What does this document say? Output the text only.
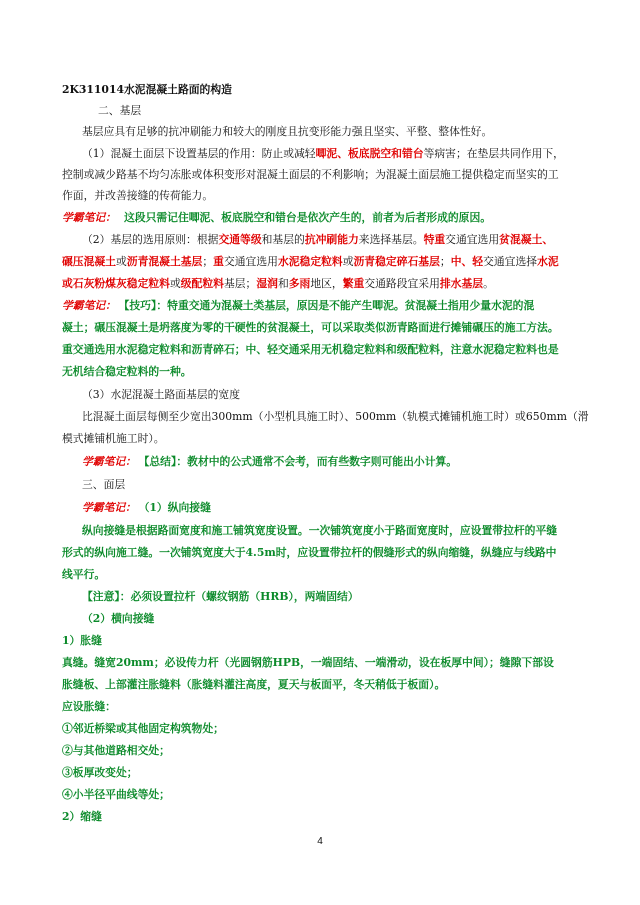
2K311014水泥混凝土路面的构造
二、基层
基层应具有足够的抗冲刷能力和较大的刚度且抗变形能力强且坚实、平整、整体性好。
（1）混凝土面层下设置基层的作用：防止或减轻唧泥、板底脱空和错台等病害；在垫层共同作用下，
控制或减少路基不均匀冻胀或体积变形对混凝土面层的不利影响；为混凝土面层施工提供稳定而坚实的工
作面，并改善接缝的传荷能力。
学霸笔记： 这段只需记住唧泥、板底脱空和错台是依次产生的，前者为后者形成的原因。
（2）基层的选用原则：根据交通等级和基层的抗冲刷能力来选择基层。特重交通宜选用贫混凝土、
碾压混凝土或沥青混凝土基层；重交通宜选用水泥稳定粒料或沥青稳定碎石基层；中、轻交通宜选择水泥
或石灰粉煤灰稳定粒料或级配粒料基层；湿润和多雨地区，繁重交通路段宜采用排水基层。
学霸笔记： 【技巧】：特重交通为混凝土类基层，原因是不能产生唧泥。贫混凝土指用少量水泥的混
凝土；碾压混凝土是坍落度为零的干硬性的贫混凝土，可以采取类似沥青路面进行摊铺碾压的施工方法。
重交通选用水泥稳定粒料和沥青碎石；中、轻交通采用无机稳定粒料和级配粒料，注意水泥稳定粒料也是
无机结合稳定粒料的一种。
（3）水泥混凝土路面基层的宽度
比混凝土面层每侧至少宽出300mm（小型机具施工时）、500mm（轨模式摊铺机施工时）或650mm（滑
模式摊铺机施工时）。
学霸笔记： 【总结】：教材中的公式通常不会考，而有些数字则可能出小计算。
三、面层
学霸笔记： （1）纵向接缝
纵向接缝是根据路面宽度和施工铺筑宽度设置。一次铺筑宽度小于路面宽度时，应设置带拉杆的平缝
形式的纵向施工缝。一次铺筑宽度大于4.5m时，应设置带拉杆的假缝形式的纵向缩缝，纵缝应与线路中
线平行。
【注意】：必须设置拉杆（螺纹钢筋（HRB），两端固结）
（2）横向接缝
1）胀缝
真缝。缝宽20mm；必设传力杆（光圆钢筋HPB，一端固结、一端滑动，设在板厚中间）；缝隙下部设
胀缝板、上部灌注胀缝料（胀缝料灌注高度，夏天与板面平，冬天稍低于板面）。
应设胀缝：
①邻近桥梁或其他固定构筑物处；
②与其他道路相交处；
③板厚改变处；
④小半径平曲线等处；
2）缩缝
4
